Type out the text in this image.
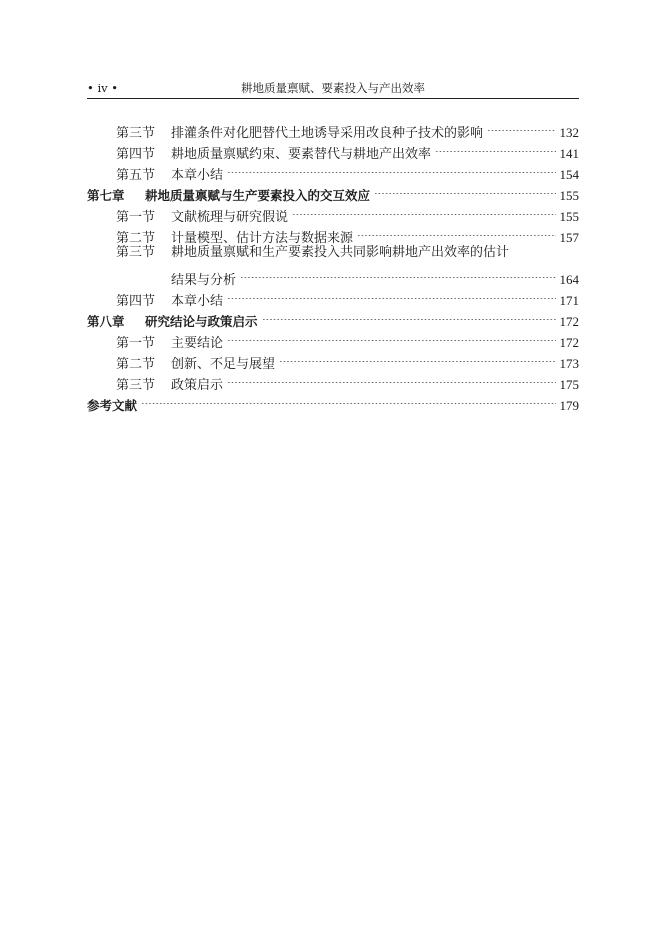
• iv •	耕地质量禀赋、要素投入与产出效率
第三节	排灌条件对化肥替代土地诱导采用改良种子技术的影响	132
第四节	耕地质量禀赋约束、要素替代与耕地产出效率	141
第五节	本章小结	154
第七章	耕地质量禀赋与生产要素投入的交互效应	155
第一节	文献梳理与研究假说	155
第二节	计量模型、估计方法与数据来源	157
第三节	耕地质量禀赋和生产要素投入共同影响耕地产出效率的估计
结果与分析	164
第四节	本章小结	171
第八章	研究结论与政策启示	172
第一节	主要结论	172
第二节	创新、不足与展望	173
第三节	政策启示	175
参考文献	179
